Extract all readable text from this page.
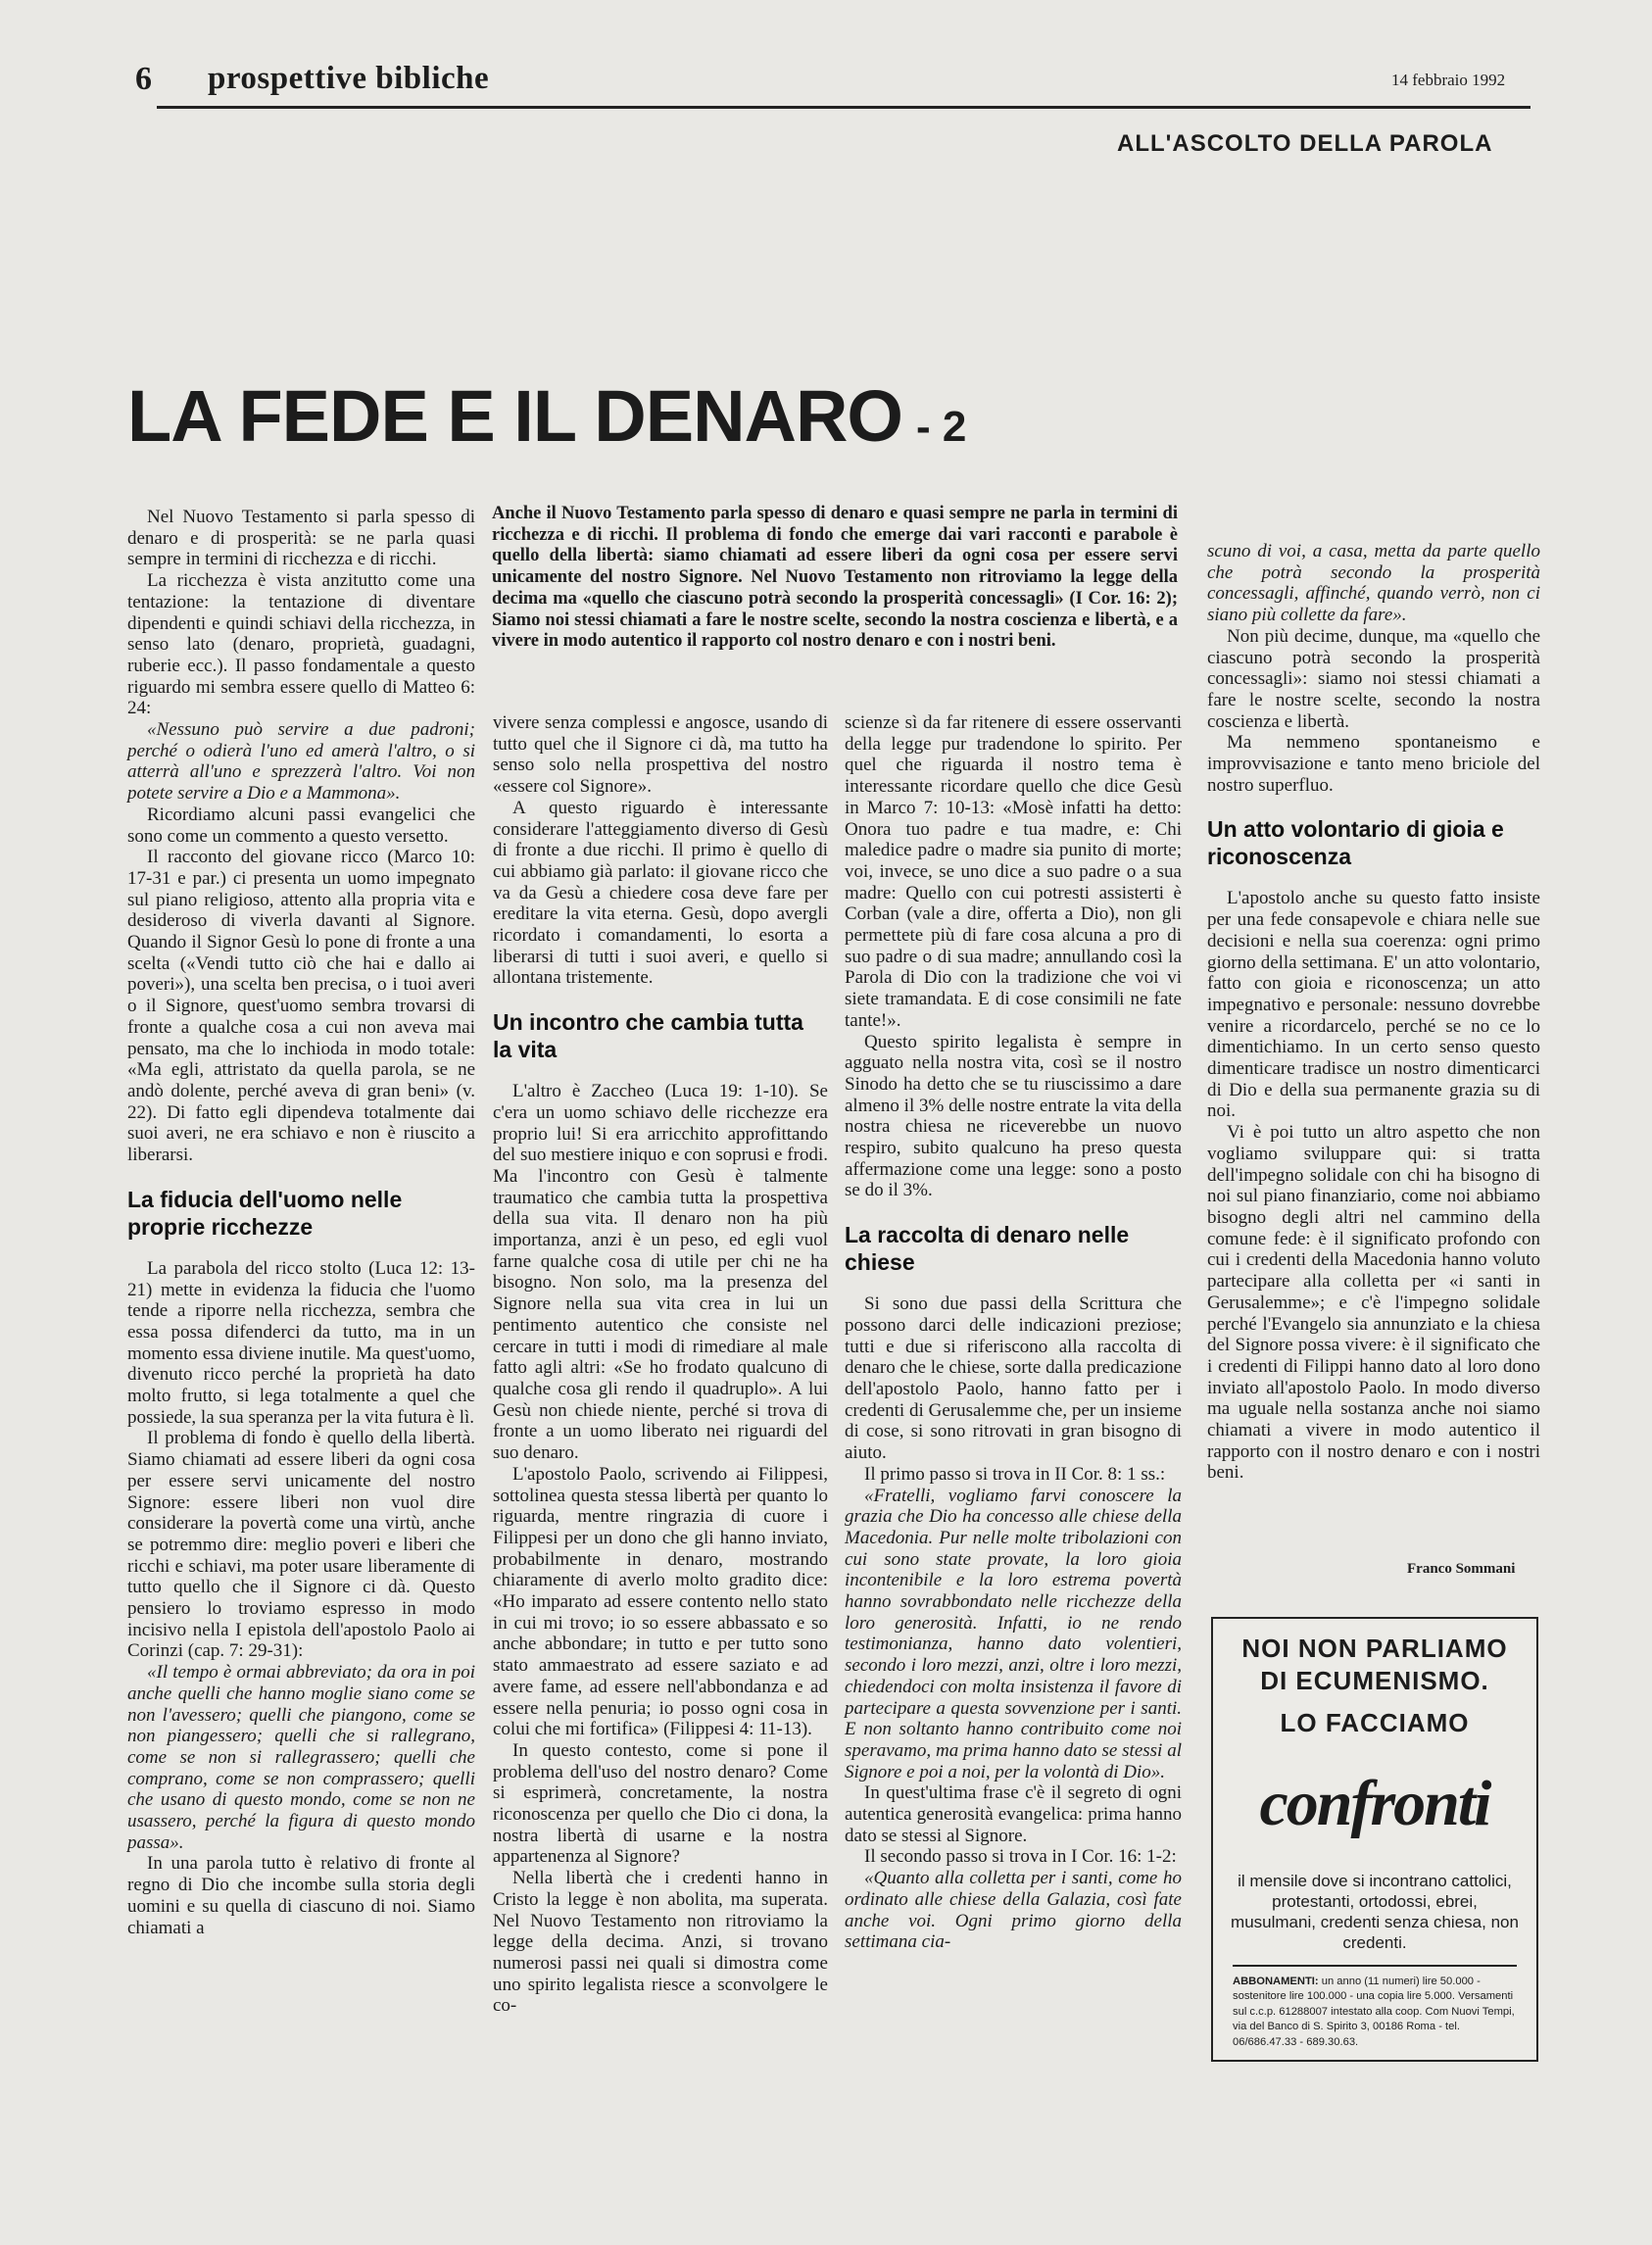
6 prospettive bibliche	14 febbraio 1992
ALL'ASCOLTO DELLA PAROLA
LA FEDE E IL DENARO - 2
Anche il Nuovo Testamento parla spesso di denaro e quasi sempre ne parla in termini di ricchezza e di ricchi. Il problema di fondo che emerge dai vari racconti e parabole è quello della libertà: siamo chiamati ad essere liberi da ogni cosa per essere servi unicamente del nostro Signore. Nel Nuovo Testamento non ritroviamo la legge della decima ma «quello che ciascuno potrà secondo la prosperità concessagli» (I Cor. 16: 2); Siamo noi stessi chiamati a fare le nostre scelte, secondo la nostra coscienza e libertà, e a vivere in modo autentico il rapporto col nostro denaro e con i nostri beni.

Nel Nuovo Testamento si parla spesso di denaro e di prosperità: se ne parla quasi sempre in termini di ricchezza e di ricchi.

La ricchezza è vista anzitutto come una tentazione: la tentazione di diventare dipendenti e quindi schiavi della ricchezza, in senso lato (denaro, proprietà, guadagni, ruberie ecc.). Il passo fondamentale a questo riguardo mi sembra essere quello di Matteo 6: 24:

«Nessuno può servire a due padroni; perché o odierà l'uno ed amerà l'altro, o si atterrà all'uno e sprezzerà l'altro. Voi non potete servire a Dio e a Mammona».

Ricordiamo alcuni passi evangelici che sono come un commento a questo versetto.

Il racconto del giovane ricco (Marco 10: 17-31 e par.) ci presenta un uomo impegnato sul piano religioso, attento alla propria vita e desideroso di viverla davanti al Signore. Quando il Signor Gesù lo pone di fronte a una scelta («Vendi tutto ciò che hai e dallo ai poveri»), una scelta ben precisa, o i tuoi averi o il Signore, quest'uomo sembra trovarsi di fronte a qualche cosa a cui non aveva mai pensato, ma che lo inchioda in modo totale: «Ma egli, attristato da quella parola, se ne andò dolente, perché aveva di gran beni» (v. 22). Di fatto egli dipendeva totalmente dai suoi averi, ne era schiavo e non è riuscito a liberarsi.

La fiducia dell'uomo nelle proprie ricchezze

La parabola del ricco stolto (Luca 12: 13-21) mette in evidenza la fiducia che l'uomo tende a riporre nella ricchezza, sembra che essa possa difenderci da tutto, ma in un momento essa diviene inutile. Ma quest'uomo, divenuto ricco perché la proprietà ha dato molto frutto, si lega totalmente a quel che possiede, la sua speranza per la vita futura è lì.

Il problema di fondo è quello della libertà. Siamo chiamati ad essere liberi da ogni cosa per essere servi unicamente del nostro Signore: essere liberi non vuol dire considerare la povertà come una virtù, anche se potremmo dire: meglio poveri e liberi che ricchi e schiavi, ma poter usare liberamente di tutto quello che il Signore ci dà. Questo pensiero lo troviamo espresso in modo incisivo nella I epistola dell'apostolo Paolo ai Corinzi (cap. 7: 29-31):

«Il tempo è ormai abbreviato; da ora in poi anche quelli che hanno moglie siano come se non l'avessero; quelli che piangono, come se non piangessero; quelli che si rallegrano, come se non si rallegrassero; quelli che comprano, come se non comprassero; quelli che usano di questo mondo, come se non ne usassero, perché la figura di questo mondo passa».

In una parola tutto è relativo di fronte al regno di Dio che incombe sulla storia degli uomini e su quella di ciascuno di noi. Siamo chiamati a

vivere senza complessi e angosce, usando di tutto quel che il Signore ci dà, ma tutto ha senso solo nella prospettiva del nostro «essere col Signore».

A questo riguardo è interessante considerare l'atteggiamento diverso di Gesù di fronte a due ricchi. Il primo è quello di cui abbiamo già parlato: il giovane ricco che va da Gesù a chiedere cosa deve fare per ereditare la vita eterna. Gesù, dopo avergli ricordato i comandamenti, lo esorta a liberarsi di tutti i suoi averi, e quello si allontana tristemente.

Un incontro che cambia tutta la vita

L'altro è Zaccheo (Luca 19: 1-10). Se c'era un uomo schiavo delle ricchezze era proprio lui! Si era arricchito approfittando del suo mestiere iniquo e con soprusi e frodi. Ma l'incontro con Gesù è talmente traumatico che cambia tutta la prospettiva della sua vita. Il denaro non ha più importanza, anzi è un peso, ed egli vuol farne qualche cosa di utile per chi ne ha bisogno. Non solo, ma la presenza del Signore nella sua vita crea in lui un pentimento autentico che consiste nel cercare in tutti i modi di rimediare al male fatto agli altri: «Se ho frodato qualcuno di qualche cosa gli rendo il quadruplo». A lui Gesù non chiede niente, perché si trova di fronte a un uomo liberato nei riguardi del suo denaro.

L'apostolo Paolo, scrivendo ai Filippesi, sottolinea questa stessa libertà per quanto lo riguarda, mentre ringrazia di cuore i Filippesi per un dono che gli hanno inviato, probabilmente in denaro, mostrando chiaramente di averlo molto gradito dice: «Ho imparato ad essere contento nello stato in cui mi trovo; io so essere abbassato e so anche abbondare; in tutto e per tutto sono stato ammaestrato ad essere saziato e ad avere fame, ad essere nell'abbondanza e ad essere nella penuria; io posso ogni cosa in colui che mi fortifica» (Filippesi 4: 11-13).

In questo contesto, come si pone il problema dell'uso del nostro denaro? Come si esprimerà, concretamente, la nostra riconoscenza per quello che Dio ci dona, la nostra libertà di usarne e la nostra appartenenza al Signore?

Nella libertà che i credenti hanno in Cristo la legge è non abolita, ma superata. Nel Nuovo Testamento non ritroviamo la legge della decima. Anzi, si trovano numerosi passi nei quali si dimostra come uno spirito legalista riesce a sconvolgere le co-

scienze sì da far ritenere di essere osservanti della legge pur tradendone lo spirito. Per quel che riguarda il nostro tema è interessante ricordare quello che dice Gesù in Marco 7: 10-13: «Mosè infatti ha detto: Onora tuo padre e tua madre, e: Chi maledice padre o madre sia punito di morte; voi, invece, se uno dice a suo padre o a sua madre: Quello con cui potresti assisterti è Corban (vale a dire, offerta a Dio), non gli permettete più di fare cosa alcuna a pro di suo padre o di sua madre; annullando così la Parola di Dio con la tradizione che voi vi siete tramandata. E di cose consimili ne fate tante!».

Questo spirito legalista è sempre in agguato nella nostra vita, così se il nostro Sinodo ha detto che se tu riuscissimo a dare almeno il 3% delle nostre entrate la vita della nostra chiesa ne riceverebbe un nuovo respiro, subito qualcuno ha preso questa affermazione come una legge: sono a posto se do il 3%.

La raccolta di denaro nelle chiese

Si sono due passi della Scrittura che possono darci delle indicazioni preziose; tutti e due si riferiscono alla raccolta di denaro che le chiese, sorte dalla predicazione dell'apostolo Paolo, hanno fatto per i credenti di Gerusalemme che, per un insieme di cose, si sono ritrovati in gran bisogno di aiuto.

Il primo passo si trova in II Cor. 8: 1 ss.:

«Fratelli, vogliamo farvi conoscere la grazia che Dio ha concesso alle chiese della Macedonia. Pur nelle molte tribolazioni con cui sono state provate, la loro gioia incontenibile e la loro estrema povertà hanno sovrabbondato nelle ricchezze della loro generosità. Infatti, io ne rendo testimonianza, hanno dato volentieri, secondo i loro mezzi, anzi, oltre i loro mezzi, chiedendoci con molta insistenza il favore di partecipare a questa sovvenzione per i santi. E non soltanto hanno contribuito come noi speravamo, ma prima hanno dato se stessi al Signore e poi a noi, per la volontà di Dio».

In quest'ultima frase c'è il segreto di ogni autentica generosità evangelica: prima hanno dato se stessi al Signore.

Il secondo passo si trova in I Cor. 16: 1-2:

«Quanto alla colletta per i santi, come ho ordinato alle chiese della Galazia, così fate anche voi. Ogni primo giorno della settimana cia-

scuno di voi, a casa, metta da parte quello che potrà secondo la prosperità concessagli, affinché, quando verrò, non ci siano più collette da fare».

Non più decime, dunque, ma «quello che ciascuno potrà secondo la prosperità concessagli»: siamo noi stessi chiamati a fare le nostre scelte, secondo la nostra coscienza e libertà.

Ma nemmeno spontaneismo e improvvisazione e tanto meno briciole del nostro superfluo.

Un atto volontario di gioia e riconoscenza

L'apostolo anche su questo fatto insiste per una fede consapevole e chiara nelle sue decisioni e nella sua coerenza: ogni primo giorno della settimana. E' un atto volontario, fatto con gioia e riconoscenza; un atto impegnativo e personale: nessuno dovrebbe venire a ricordarcelo, perché se no ce lo dimentichiamo. In un certo senso questo dimenticare tradisce un nostro dimenticarci di Dio e della sua permanente grazia su di noi.

Vi è poi tutto un altro aspetto che non vogliamo sviluppare qui: si tratta dell'impegno solidale con chi ha bisogno di noi sul piano finanziario, come noi abbiamo bisogno degli altri nel cammino della comune fede: è il significato profondo con cui i credenti della Macedonia hanno voluto partecipare alla colletta per «i santi in Gerusalemme»; e c'è l'impegno solidale perché l'Evangelo sia annunziato e la chiesa del Signore possa vivere: è il significato che i credenti di Filippi hanno dato al loro dono inviato all'apostolo Paolo. In modo diverso ma uguale nella sostanza anche noi siamo chiamati a vivere in modo autentico il rapporto con il nostro denaro e con i nostri beni.

Franco Sommani
NOI NON PARLIAMO
DI ECUMENISMO.
LO FACCIAMO
confronti
il mensile dove si incontrano cattolici, protestanti, ortodossi, ebrei, musulmani, credenti senza chiesa, non credenti.
ABBONAMENTI: un anno (11 numeri) lire 50.000 - sostenitore lire 100.000 - una copia lire 5.000. Versamenti sul c.c.p. 61288007 intestato alla coop. Com Nuovi Tempi, via del Banco di S. Spirito 3, 00186 Roma - tel. 06/686.47.33 - 689.30.63.
